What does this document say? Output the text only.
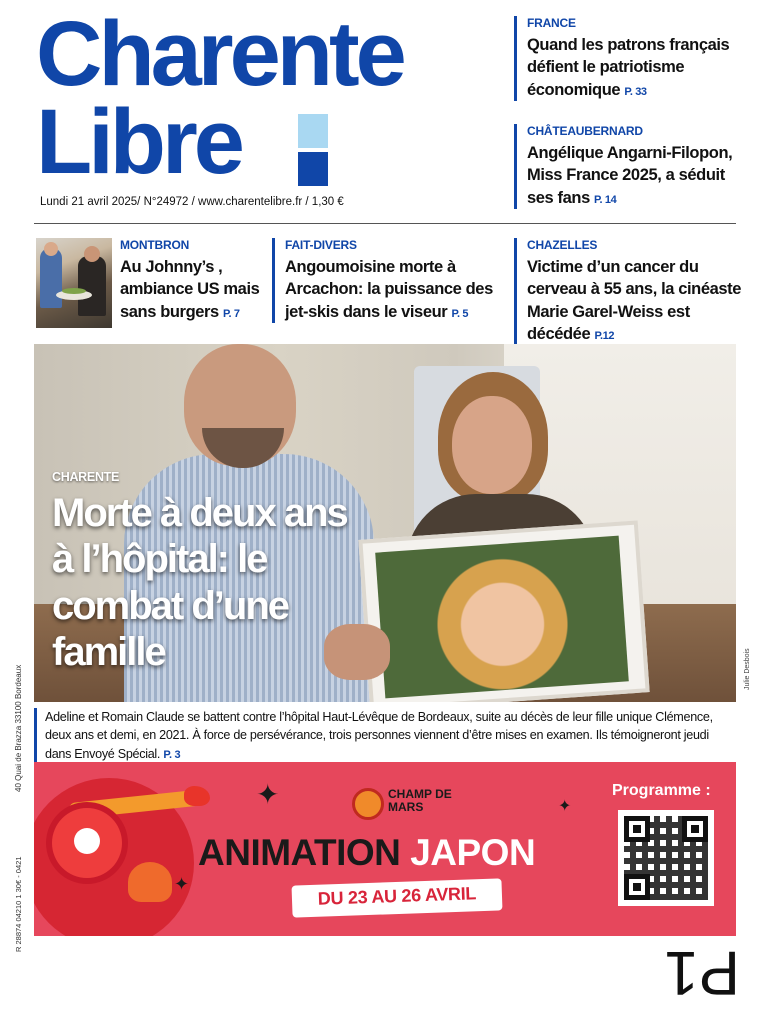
Charente
Libre
Lundi 21 avril 2025/ N°24972 / www.charentelibre.fr / 1,30 €
FRANCE
Quand les patrons français défient le patriotisme économique P. 33
CHÂTEAUBERNARD
Angélique Angarni-Filopon, Miss France 2025, a séduit ses fans P. 14
MONTBRON
Au Johnny’s , ambiance US mais sans burgers P. 7
FAIT-DIVERS
Angoumoisine morte à Arcachon: la puissance des jet-skis dans le viseur P. 5
CHAZELLES
Victime d’un cancer du cerveau à 55 ans, la cinéaste Marie Garel-Weiss est décédée P.12
CHARENTE
Morte à deux ans à l’hôpital: le combat d’une famille	Julie Desbois
Adeline et Romain Claude se battent contre l’hôpital Haut-Lévêque de Bordeaux, suite au décès de leur fille unique Clémence, deux ans et demi, en 2021. À force de persévérance, trois personnes viennent d’être mises en examen. Ils témoigneront jeudi dans Envoyé Spécial. P. 3
40 Quai de Brazza 33100 Bordeaux
R 28874 04210 1 30€ - 0421
✦
✦
✦
CHAMP DE MARS
ANIMATION JAPON
DU 23 AU 26 AVRIL
Programme :
P1
